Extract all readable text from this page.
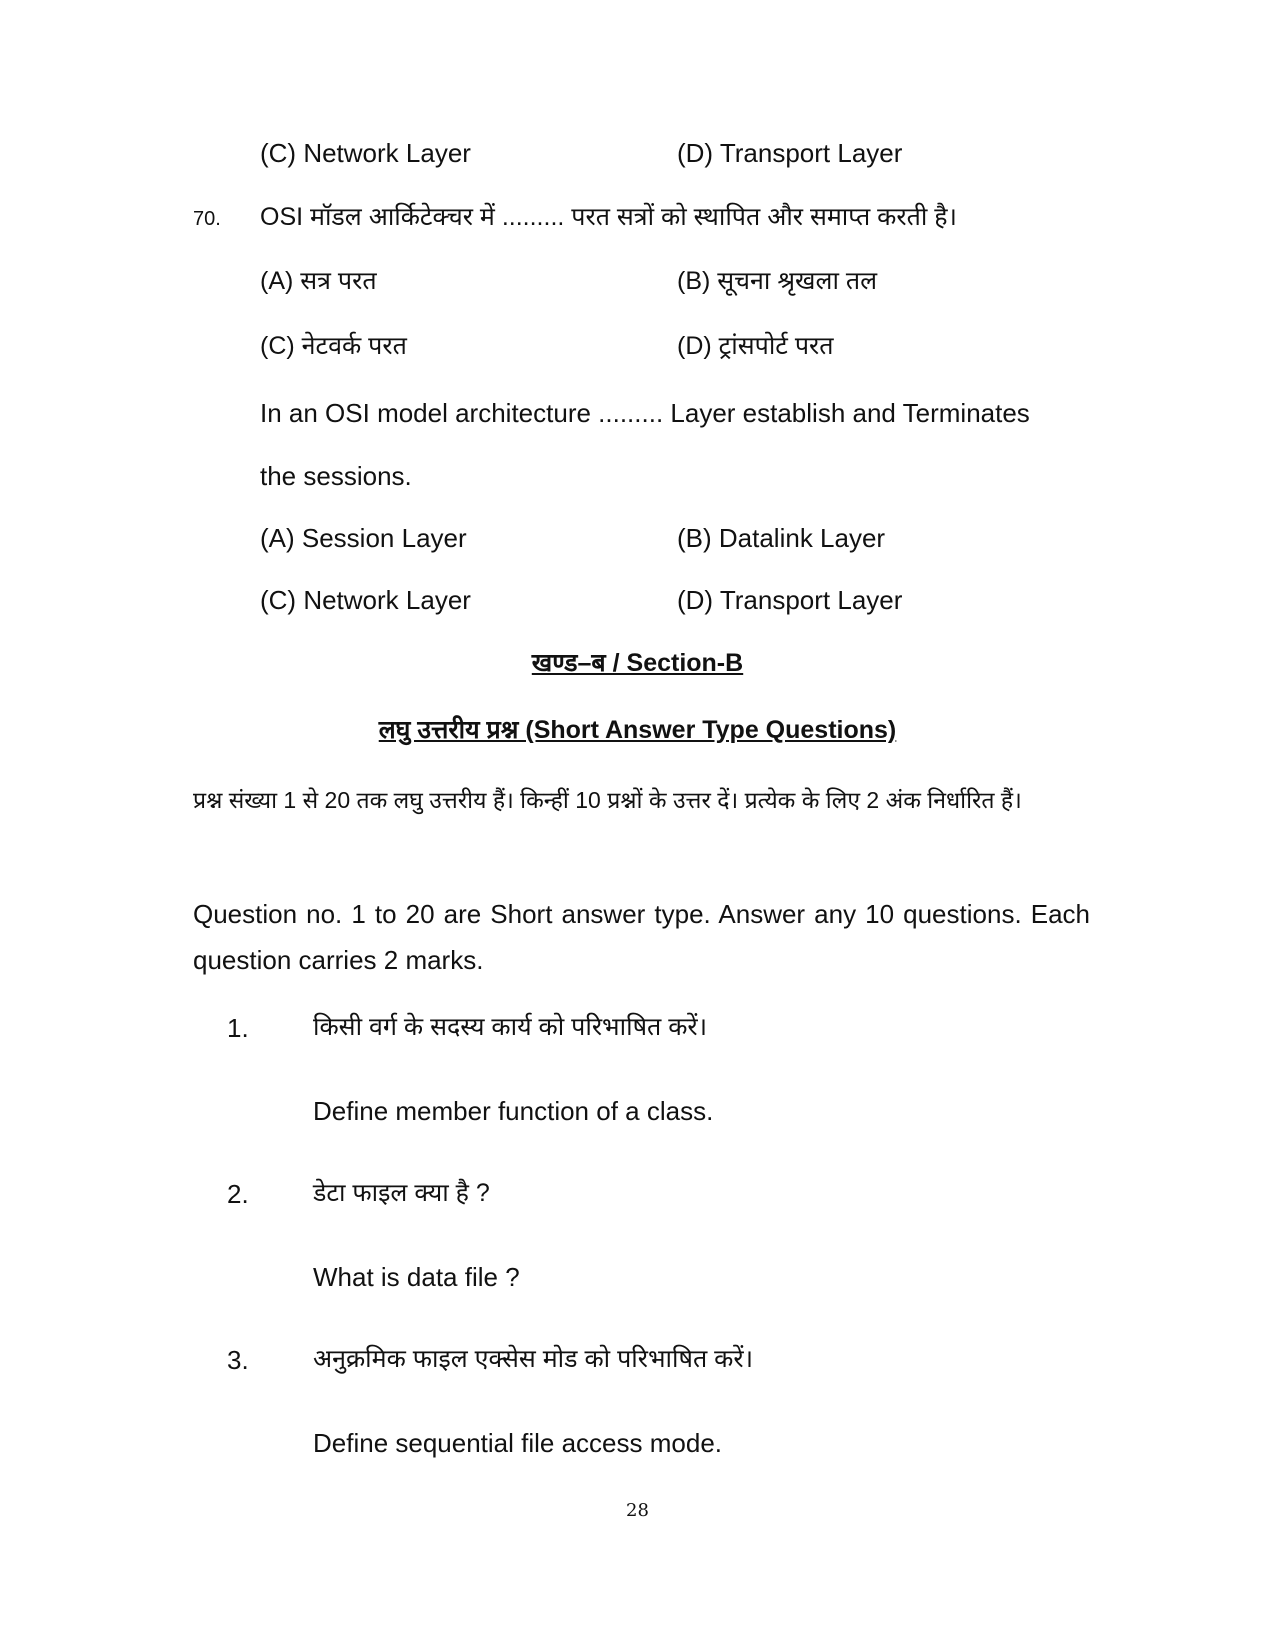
(C) Network Layer	(D) Transport Layer
70. OSI मॉडल आर्किटेक्चर में ......... परत सत्रों को स्थापित और समाप्त करती है।
(A) सत्र परत	(B) सूचना श्रृखला तल
(C) नेटवर्क परत	(D) ट्रांसपोर्ट परत
In an OSI model architecture ......... Layer establish and Terminates
the sessions.
(A) Session Layer	(B) Datalink Layer
(C) Network Layer	(D) Transport Layer
खण्ड–ब / Section-B
लघु उत्तरीय प्रश्न (Short Answer Type Questions)
प्रश्न संख्या 1 से 20 तक लघु उत्तरीय हैं। किन्हीं 10 प्रश्नों के उत्तर दें। प्रत्येक के लिए 2 अंक निर्धारित हैं।
Question no. 1 to 20 are Short answer type. Answer any 10 questions. Each question carries 2 marks.
1.	किसी वर्ग के सदस्य कार्य को परिभाषित करें।
Define member function of a class.
2.	डेटा फाइल क्या है ?
What is data file ?
3.	अनुक्रमिक फाइल एक्सेस मोड को परिभाषित करें।
Define sequential file access mode.
28
